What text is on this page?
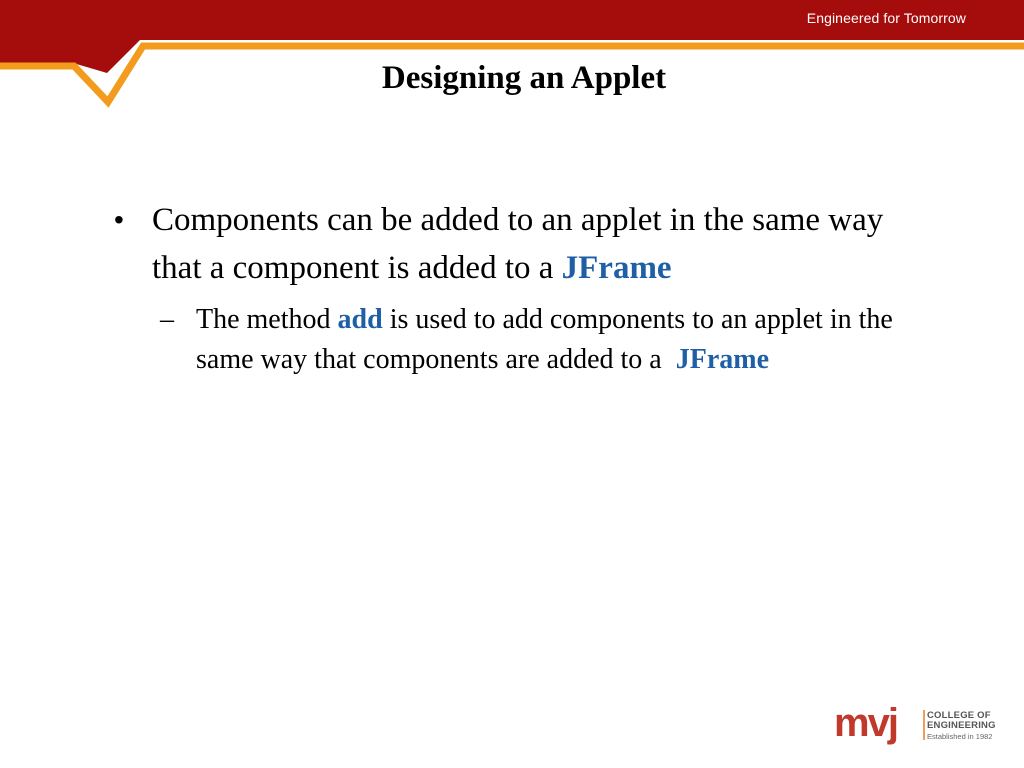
Engineered for Tomorrow
Designing an Applet
• Components can be added to an applet in the same way that a component is added to a JFrame
– The method add is used to add components to an applet in the same way that components are added to a  JFrame
mvj	COLLEGE OF
ENGINEERING
Established in 1982
